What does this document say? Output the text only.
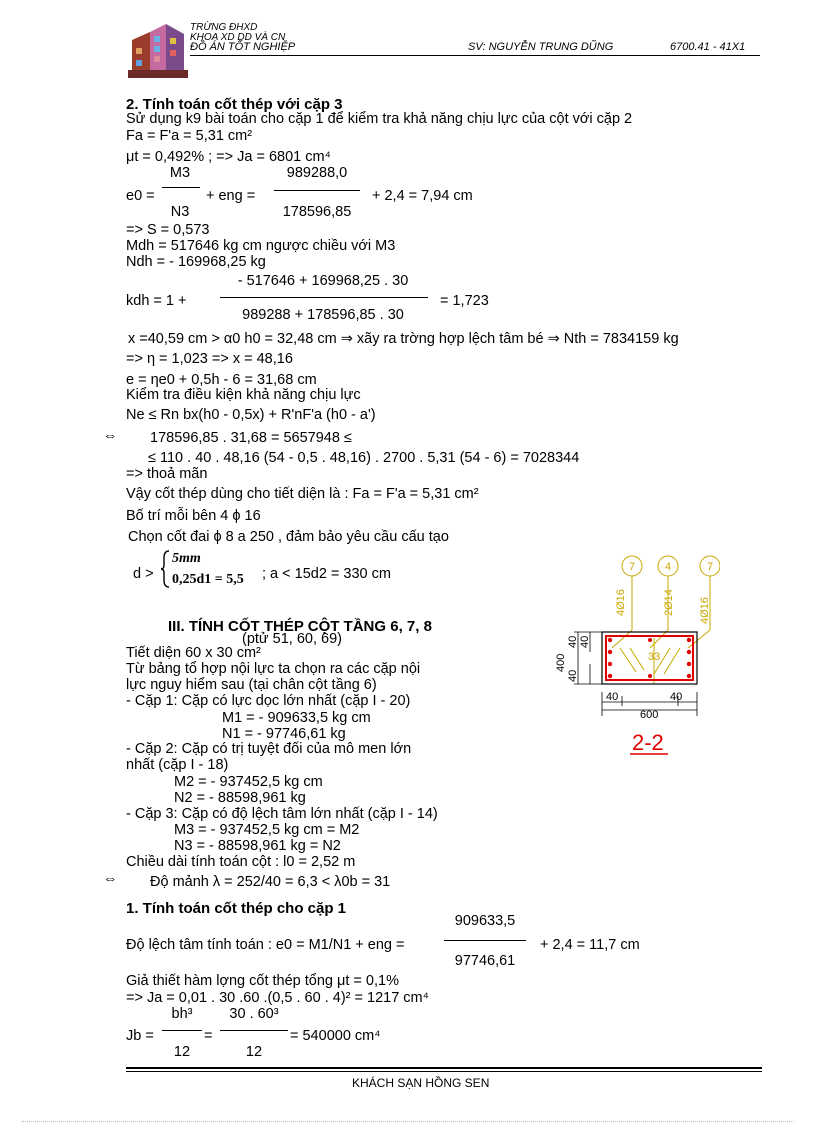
TRỪNG ĐHXD
KHOA XD DD VÀ CN
ĐỒ ÁN TỐT NGHIỆP	SV: NGUYỄN TRUNG DŨNG	6700.41 - 41X1
2. Tính toán cốt thép với cặp 3
Sử dụng k9 bài toán cho cặp 1 để kiểm tra khả năng chịu lực của cột với cặp 2
Fa = F'a = 5,31 cm²
μt = 0,492% ; => Ja = 6801 cm⁴
e0 =
M3
N3
+ eng =
989288,0
178596,85
+ 2,4 = 7,94 cm
=> S = 0,573
Mdh = 517646 kg cm ngược chiều với M3
Ndh = - 169968,25 kg
kdh = 1 +
- 517646 + 169968,25 . 30
989288 + 178596,85 . 30
= 1,723
x =40,59 cm > α0 h0 = 32,48 cm ⇒ xãy ra trờng hợp lệch tâm bé ⇒ Nth = 7834159 kg
=> η = 1,023 => x = 48,16
e = ηe0 + 0,5h - 6 = 31,68 cm
Kiểm tra điều kiện khả năng chịu lực
Ne ≤ Rn bx(h0 - 0,5x) + R'nF'a (h0 - a')
⇔ 178596,85 . 31,68 = 5657948 ≤
≤ 110 . 40 . 48,16 (54 - 0,5 . 48,16) . 2700 . 5,31 (54 - 6) = 7028344
=> thoả mãn
Vậy cốt thép dùng cho tiết diện là : Fa = F'a = 5,31 cm²
Bố trí mỗi bên 4 ϕ 16
Chọn cốt đai ϕ 8 a 250 , đảm bảo yêu cầu cấu tạo
d >
5mm
0,25d1 = 5,5 ; a < 15d2 = 330 cm
III. TÍNH CỐT THÉP CỘT TẦNG 6, 7, 8
(ptử 51, 60, 69)
Tiết diện 60 x 30 cm²
Từ bảng tổ hợp nội lực ta chọn ra các cặp nội
lực nguy hiểm sau (tại chân cột tầng 6)
- Cặp 1: Cặp có lực dọc lớn nhất (cặp I - 20)
M1 = - 909633,5 kg cm
N1 = - 97746,61 kg
- Cặp 2: Cặp có trị tuyệt đối của mô men lớn
nhất (cặp I - 18)
M2 = - 937452,5 kg cm
N2 = - 88598,961 kg
- Cặp 3: Cặp có độ lệch tâm lớn nhất (cặp I - 14)
M3 = - 937452,5 kg cm = M2
N3 = - 88598,961 kg = N2
Chiều dài tính toán cột : l0 = 2,52 m
⇔ Độ mảnh λ = 252/40 = 6,3 < λ0b = 31
1. Tính toán cốt thép cho cặp 1
Độ lệch tâm tính toán : e0 = M1/N1 + eng =
909633,5
97746,61
+ 2,4 = 11,7 cm
Giả thiết hàm lợng cốt thép tổng μt = 0,1%
=> Ja = 0,01 . 30 .60 .(0,5 . 60 . 4)² = 1217 cm⁴
Jb =
bh³
12
=
30 . 60³
12
= 540000 cm⁴
4Ø16	2Ø14 4Ø16
7	4	7
33
400
40 40
40
40	40
600
2-2
KHÁCH SẠN HỒNG SEN
